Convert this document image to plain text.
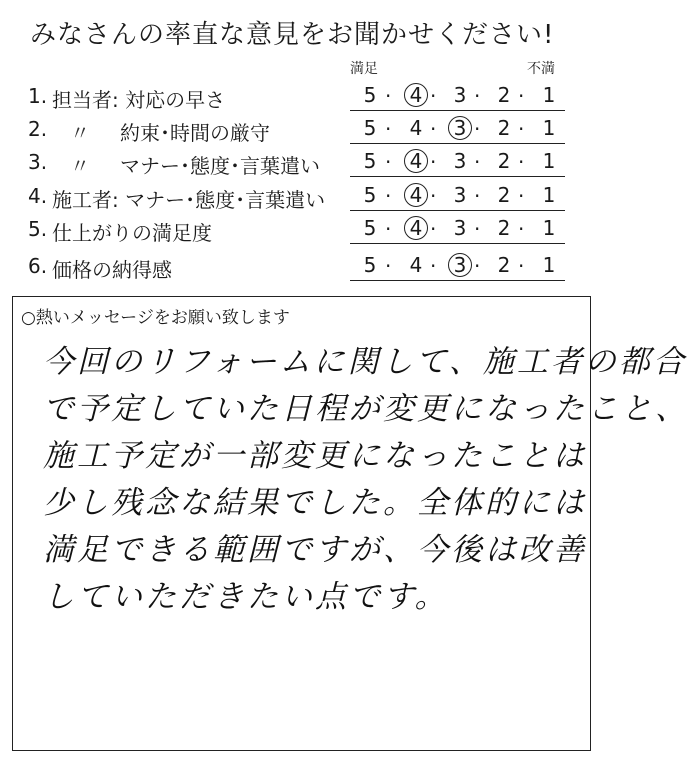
みなさんの率直な意見をお聞かせください!
満足	不満
1. 担当者: 対応の早さ	5 · 4 · 3 · 2 · 1
2. 〃 約束･時間の厳守	5 · 4 · 3 · 2 · 1
3. 〃 マナー･態度･言葉遣い 5 · 4 · 3 · 2 · 1
4. 施工者: マナー･態度･言葉遣い 5 · 4 · 3 · 2 · 1
5. 仕上がりの満足度	5 · 4 · 3 · 2 · 1
6. 価格の納得感	5 · 4 · 3 · 2 · 1
○熱いメッセージをお願い致します
今回のリフォームに関して、施工者の都合
で予定していた日程が変更になったこと、
施工予定が一部変更になったことは
少し残念な結果でした。全体的には
満足できる範囲ですが、今後は改善
していただきたい点です。
